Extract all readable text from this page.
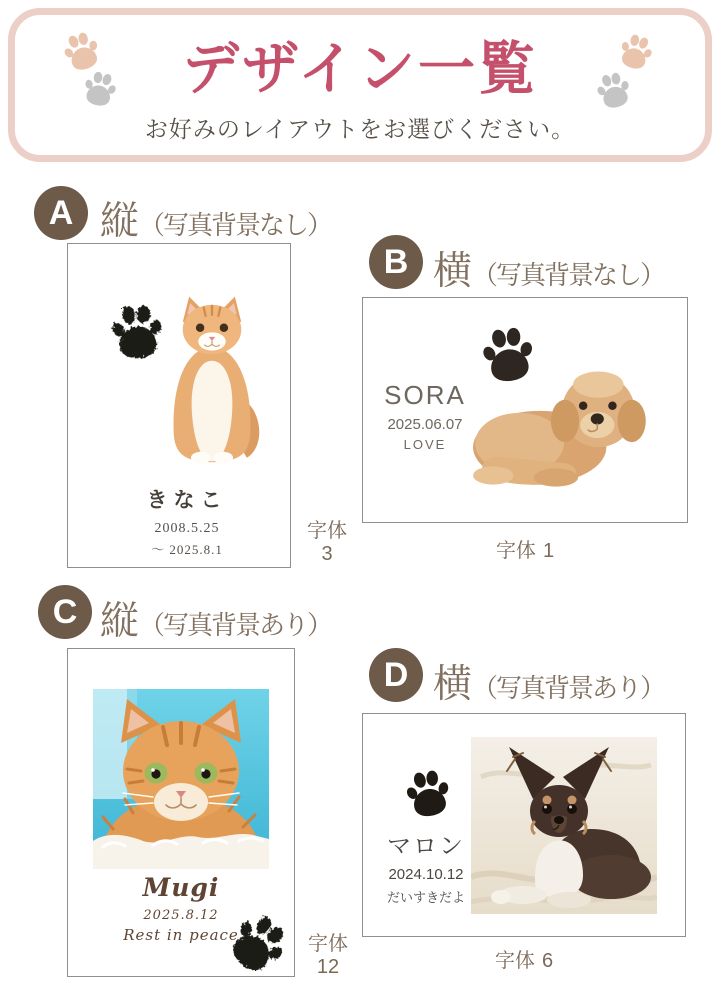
デザイン一覧
お好みのレイアウトをお選びください。
A 縦 （写真背景なし）
きなこ
2008.5.25
～ 2025.8.1
字体
3
B 横 （写真背景なし）
SORA
2025.06.07
LOVE
字体 1
C 縦 （写真背景あり）
Mugi
2025.8.12
Rest in peace	字体
12
D 横 （写真背景あり）
マロン
2024.10.12
だいすきだよ
字体 6
